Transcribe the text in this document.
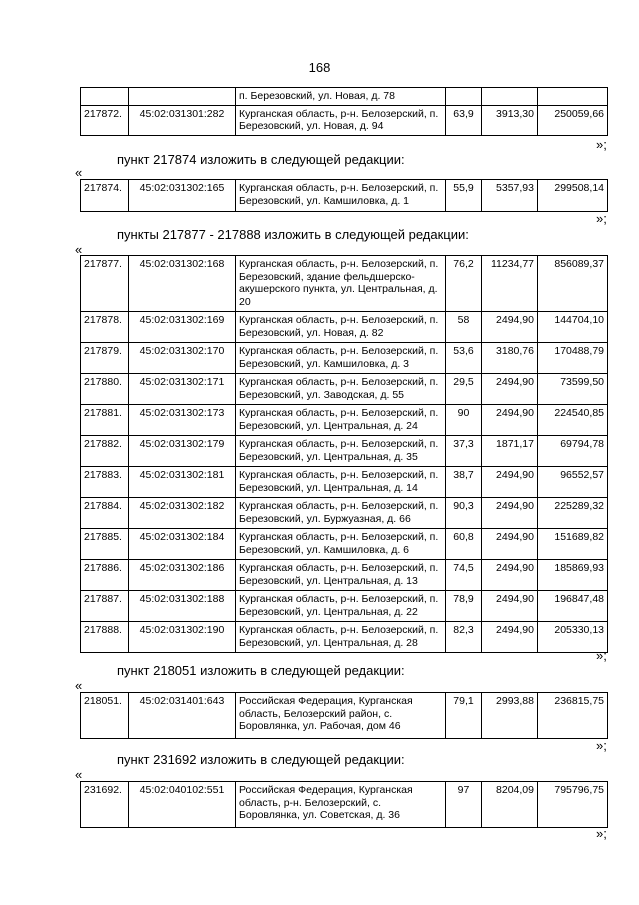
168
		п. Березовский, ул. Новая, д. 78			
217872.	45:02:031301:282	Курганская область, р-н. Белозерский, п. Березовский, ул. Новая, д. 94	63,9	3913,30	250059,66
»;
пункт 217874 изложить в следующей редакции:
«
217874.	45:02:031302:165	Курганская область, р-н. Белозерский, п. Березовский, ул. Камшиловка, д. 1	55,9	5357,93	299508,14
»;
пункты 217877 - 217888 изложить в следующей редакции:
«
217877.	45:02:031302:168	Курганская область, р-н. Белозерский, п. Березовский, здание фельдшерско-акушерского пункта, ул. Центральная, д. 20	76,2	11234,77	856089,37
217878.	45:02:031302:169	Курганская область, р-н. Белозерский, п. Березовский, ул. Новая, д. 82	58	2494,90	144704,10
217879.	45:02:031302:170	Курганская область, р-н. Белозерский, п. Березовский, ул. Камшиловка, д. 3	53,6	3180,76	170488,79
217880.	45:02:031302:171	Курганская область, р-н. Белозерский, п. Березовский, ул. Заводская, д. 55	29,5	2494,90	73599,50
217881.	45:02:031302:173	Курганская область, р-н. Белозерский, п. Березовский, ул. Центральная, д. 24	90	2494,90	224540,85
217882.	45:02:031302:179	Курганская область, р-н. Белозерский, п. Березовский, ул. Центральная, д. 35	37,3	1871,17	69794,78
217883.	45:02:031302:181	Курганская область, р-н. Белозерский, п. Березовский, ул. Центральная, д. 14	38,7	2494,90	96552,57
217884.	45:02:031302:182	Курганская область, р-н. Белозерский, п. Березовский, ул. Буржуазная, д. 66	90,3	2494,90	225289,32
217885.	45:02:031302:184	Курганская область, р-н. Белозерский, п. Березовский, ул. Камшиловка, д. 6	60,8	2494,90	151689,82
217886.	45:02:031302:186	Курганская область, р-н. Белозерский, п. Березовский, ул. Центральная, д. 13	74,5	2494,90	185869,93
217887.	45:02:031302:188	Курганская область, р-н. Белозерский, п. Березовский, ул. Центральная, д. 22	78,9	2494,90	196847,48
217888.	45:02:031302:190	Курганская область, р-н. Белозерский, п. Березовский, ул. Центральная, д. 28	82,3	2494,90	205330,13
»;
пункт 218051 изложить в следующей редакции:
«
218051.	45:02:031401:643	Российская Федерация, Курганская область, Белозерский район, с. Боровлянка, ул. Рабочая, дом 46	79,1	2993,88	236815,75
»;
пункт 231692 изложить в следующей редакции:
«
231692.	45:02:040102:551	Российская Федерация, Курганская область, р-н. Белозерский, с. Боровлянка, ул. Советская, д. 36	97	8204,09	795796,75
»;
